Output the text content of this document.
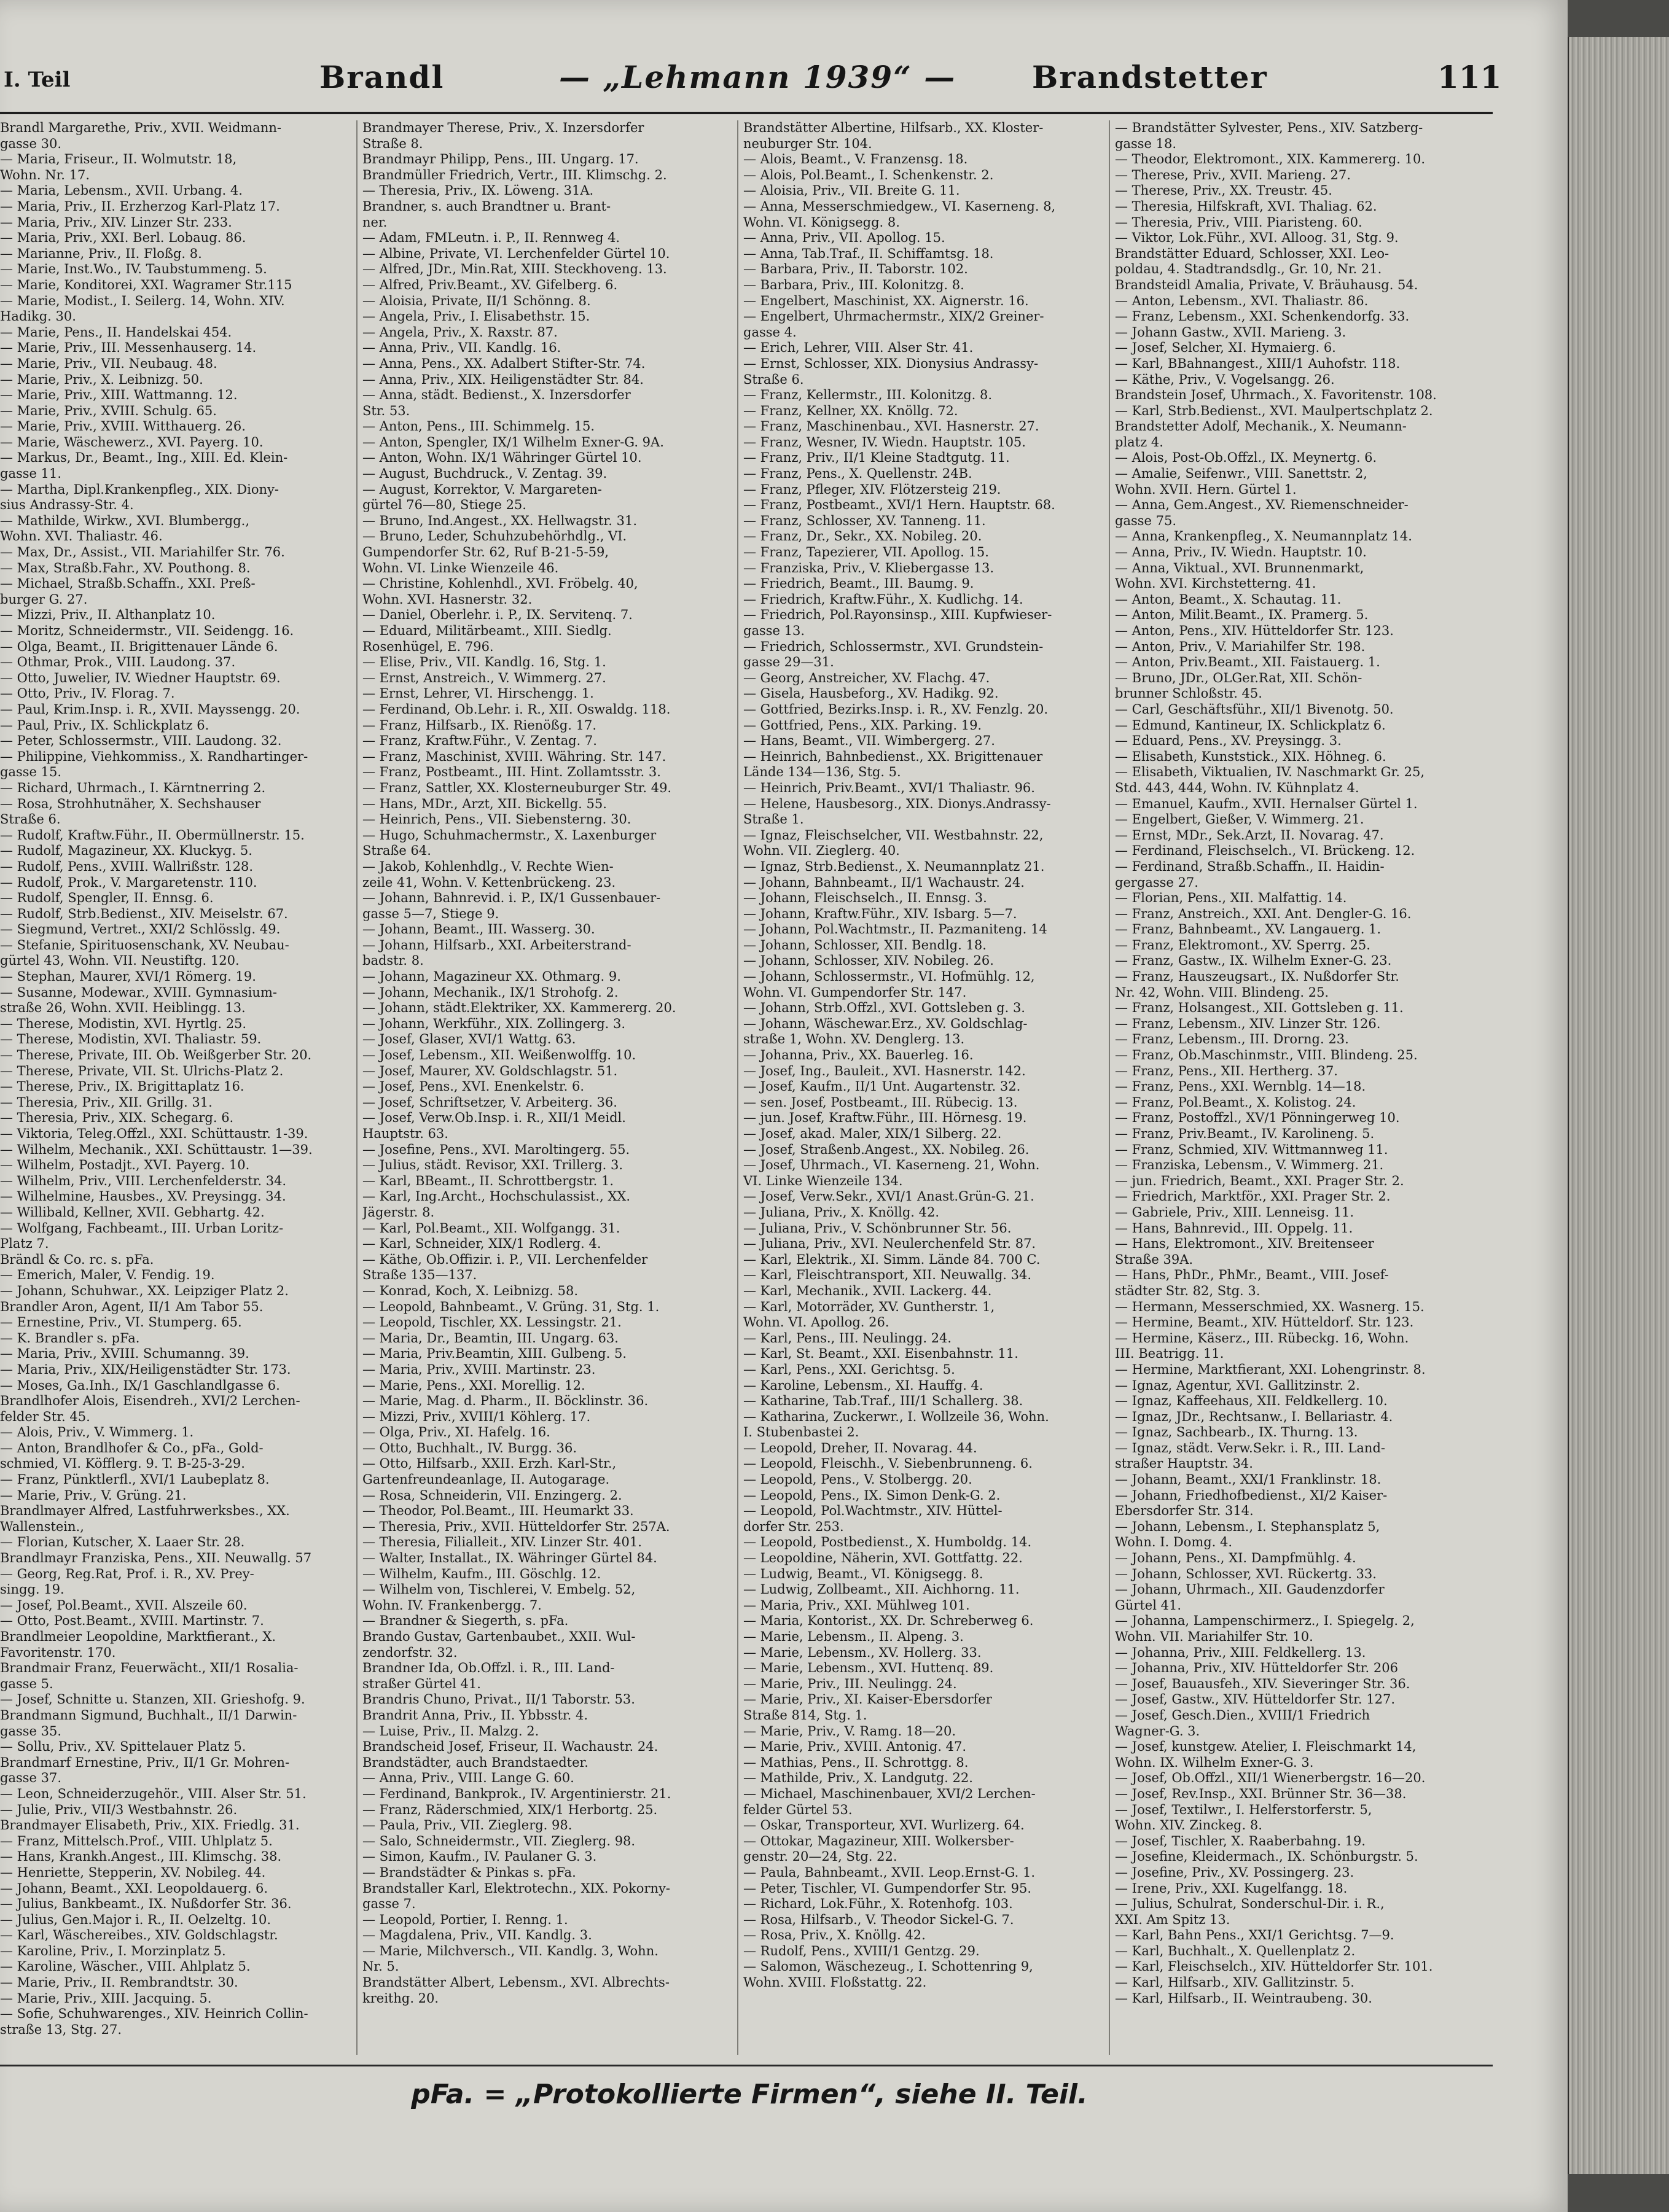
I. Teil	Brandl	— „Lehmann 1939“ — Brandstetter	111
Brandl Margarethe, Priv., XVII. Weidmann-
gasse 30.
— Maria, Friseur., II. Wolmutstr. 18,
Wohn. Nr. 17.
— Maria, Lebensm., XVII. Urbang. 4.
— Maria, Priv., II. Erzherzog Karl-Platz 17.
— Maria, Priv., XIV. Linzer Str. 233.
— Maria, Priv., XXI. Berl. Lobaug. 86.
— Marianne, Priv., II. Floßg. 8.
— Marie, Inst.Wo., IV. Taubstummeng. 5.
— Marie, Konditorei, XXI. Wagramer Str.115
— Marie, Modist., I. Seilerg. 14, Wohn. XIV.
Hadikg. 30.
— Marie, Pens., II. Handelskai 454.
— Marie, Priv., III. Messenhauserg. 14.
— Marie, Priv., VII. Neubaug. 48.
— Marie, Priv., X. Leibnizg. 50.
— Marie, Priv., XIII. Wattmanng. 12.
— Marie, Priv., XVIII. Schulg. 65.
— Marie, Priv., XVIII. Witthauerg. 26.
— Marie, Wäschewerz., XVI. Payerg. 10.
— Markus, Dr., Beamt., Ing., XIII. Ed. Klein-
gasse 11.
— Martha, Dipl.Krankenpfleg., XIX. Diony-
sius Andrassy-Str. 4.
— Mathilde, Wirkw., XVI. Blumbergg.,
Wohn. XVI. Thaliastr. 46.
— Max, Dr., Assist., VII. Mariahilfer Str. 76.
— Max, Straßb.Fahr., XV. Pouthong. 8.
— Michael, Straßb.Schaffn., XXI. Preß-
burger G. 27.
— Mizzi, Priv., II. Althanplatz 10.
— Moritz, Schneidermstr., VII. Seidengg. 16.
— Olga, Beamt., II. Brigittenauer Lände 6.
— Othmar, Prok., VIII. Laudong. 37.
— Otto, Juwelier, IV. Wiedner Hauptstr. 69.
— Otto, Priv., IV. Florag. 7.
— Paul, Krim.Insp. i. R., XVII. Mayssengg. 20.
— Paul, Priv., IX. Schlickplatz 6.
— Peter, Schlossermstr., VIII. Laudong. 32.
— Philippine, Viehkommiss., X. Randhartinger-
gasse 15.
— Richard, Uhrmach., I. Kärntnerring 2.
— Rosa, Strohhutnäher, X. Sechshauser
Straße 6.
— Rudolf, Kraftw.Führ., II. Obermüllnerstr. 15.
— Rudolf, Magazineur, XX. Kluckyg. 5.
— Rudolf, Pens., XVIII. Wallrißstr. 128.
— Rudolf, Prok., V. Margaretenstr. 110.
— Rudolf, Spengler, II. Ennsg. 6.
— Rudolf, Strb.Bedienst., XIV. Meiselstr. 67.
— Siegmund, Vertret., XXI/2 Schlösslg. 49.
— Stefanie, Spirituosenschank, XV. Neubau-
gürtel 43, Wohn. VII. Neustiftg. 120.
— Stephan, Maurer, XVI/1 Römerg. 19.
— Susanne, Modewar., XVIII. Gymnasium-
straße 26, Wohn. XVII. Heiblingg. 13.
— Therese, Modistin, XVI. Hyrtlg. 25.
— Therese, Modistin, XVI. Thaliastr. 59.
— Therese, Private, III. Ob. Weißgerber Str. 20.
— Therese, Private, VII. St. Ulrichs-Platz 2.
— Therese, Priv., IX. Brigittaplatz 16.
— Theresia, Priv., XII. Grillg. 31.
— Theresia, Priv., XIX. Schegarg. 6.
— Viktoria, Teleg.Offzl., XXI. Schüttaustr. 1-39.
— Wilhelm, Mechanik., XXI. Schüttaustr. 1—39.
— Wilhelm, Postadjt., XVI. Payerg. 10.
— Wilhelm, Priv., VIII. Lerchenfelderstr. 34.
— Wilhelmine, Hausbes., XV. Preysingg. 34.
— Willibald, Kellner, XVII. Gebhartg. 42.
— Wolfgang, Fachbeamt., III. Urban Loritz-
Platz 7.
Brändl & Co. rc. s. pFa.
— Emerich, Maler, V. Fendig. 19.
— Johann, Schuhwar., XX. Leipziger Platz 2.
Brandler Aron, Agent, II/1 Am Tabor 55.
— Ernestine, Priv., VI. Stumperg. 65.
— K. Brandler s. pFa.
— Maria, Priv., XVIII. Schumanng. 39.
— Maria, Priv., XIX/Heiligenstädter Str. 173.
— Moses, Ga.Inh., IX/1 Gaschlandlgasse 6.
Brandlhofer Alois, Eisendreh., XVI/2 Lerchen-
felder Str. 45.
— Alois, Priv., V. Wimmerg. 1.
— Anton, Brandlhofer & Co., pFa., Gold-
schmied, VI. Köfflerg. 9. T. B-25-3-29.
— Franz, Pünktlerfl., XVI/1 Laubeplatz 8.
— Marie, Priv., V. Grüng. 21.
Brandlmayer Alfred, Lastfuhrwerksbes., XX.
Wallenstein.,
— Florian, Kutscher, X. Laaer Str. 28.
Brandlmayr Franziska, Pens., XII. Neuwallg. 57
— Georg, Reg.Rat, Prof. i. R., XV. Prey-
singg. 19.
— Josef, Pol.Beamt., XVII. Alszeile 60.
— Otto, Post.Beamt., XVIII. Martinstr. 7.
Brandlmeier Leopoldine, Marktfierant., X.
Favoritenstr. 170.
Brandmair Franz, Feuerwächt., XII/1 Rosalia-
gasse 5.
— Josef, Schnitte u. Stanzen, XII. Grieshofg. 9.
Brandmann Sigmund, Buchhalt., II/1 Darwin-
gasse 35.
— Sollu, Priv., XV. Spittelauer Platz 5.
Brandmarf Ernestine, Priv., II/1 Gr. Mohren-
gasse 37.
— Leon, Schneiderzugehör., VIII. Alser Str. 51.
— Julie, Priv., VII/3 Westbahnstr. 26.
Brandmayer Elisabeth, Priv., XIX. Friedlg. 31.
— Franz, Mittelsch.Prof., VIII. Uhlplatz 5.
— Hans, Krankh.Angest., III. Klimschg. 38.
— Henriette, Stepperin, XV. Nobileg. 44.
— Johann, Beamt., XXI. Leopoldauerg. 6.
— Julius, Bankbeamt., IX. Nußdorfer Str. 36.
— Julius, Gen.Major i. R., II. Oelzeltg. 10.
— Karl, Wäschereibes., XIV. Goldschlagstr.
— Karoline, Priv., I. Morzinplatz 5.
— Karoline, Wäscher., VIII. Ahlplatz 5.
— Marie, Priv., II. Rembrandtstr. 30.
— Marie, Priv., XIII. Jacquing. 5.
— Sofie, Schuhwarenges., XIV. Heinrich Collin-
straße 13, Stg. 27.
Brandmayer Therese, Priv., X. Inzersdorfer
Straße 8.
Brandmayr Philipp, Pens., III. Ungarg. 17.
Brandmüller Friedrich, Vertr., III. Klimschg. 2.
— Theresia, Priv., IX. Löweng. 31A.
Brandner, s. auch Brandtner u. Brant-
ner.
— Adam, FMLeutn. i. P., II. Rennweg 4.
— Albine, Private, VI. Lerchenfelder Gürtel 10.
— Alfred, JDr., Min.Rat, XIII. Steckhoveng. 13.
— Alfred, Priv.Beamt., XV. Gifelberg. 6.
— Aloisia, Private, II/1 Schönng. 8.
— Angela, Priv., I. Elisabethstr. 15.
— Angela, Priv., X. Raxstr. 87.
— Anna, Priv., VII. Kandlg. 16.
— Anna, Pens., XX. Adalbert Stifter-Str. 74.
— Anna, Priv., XIX. Heiligenstädter Str. 84.
— Anna, städt. Bedienst., X. Inzersdorfer
Str. 53.
— Anton, Pens., III. Schimmelg. 15.
— Anton, Spengler, IX/1 Wilhelm Exner-G. 9A.
— Anton, Wohn. IX/1 Währinger Gürtel 10.
— August, Buchdruck., V. Zentag. 39.
— August, Korrektor, V. Margareten-
gürtel 76—80, Stiege 25.
— Bruno, Ind.Angest., XX. Hellwagstr. 31.
— Bruno, Leder, Schuhzubehörhdlg., VI.
Gumpendorfer Str. 62, Ruf B-21-5-59,
Wohn. VI. Linke Wienzeile 46.
— Christine, Kohlenhdl., XVI. Fröbelg. 40,
Wohn. XVI. Hasnerstr. 32.
— Daniel, Oberlehr. i. P., IX. Servitenq. 7.
— Eduard, Militärbeamt., XIII. Siedlg.
Rosenhügel, E. 796.
— Elise, Priv., VII. Kandlg. 16, Stg. 1.
— Ernst, Anstreich., V. Wimmerg. 27.
— Ernst, Lehrer, VI. Hirschengg. 1.
— Ferdinand, Ob.Lehr. i. R., XII. Oswaldg. 118.
— Franz, Hilfsarb., IX. Rienößg. 17.
— Franz, Kraftw.Führ., V. Zentag. 7.
— Franz, Maschinist, XVIII. Währing. Str. 147.
— Franz, Postbeamt., III. Hint. Zollamtsstr. 3.
— Franz, Sattler, XX. Klosterneuburger Str. 49.
— Hans, MDr., Arzt, XII. Bickellg. 55.
— Heinrich, Pens., VII. Siebensterng. 30.
— Hugo, Schuhmachermstr., X. Laxenburger
Straße 64.
— Jakob, Kohlenhdlg., V. Rechte Wien-
zeile 41, Wohn. V. Kettenbrückeng. 23.
— Johann, Bahnrevid. i. P., IX/1 Gussenbauer-
gasse 5—7, Stiege 9.
— Johann, Beamt., III. Wasserg. 30.
— Johann, Hilfsarb., XXI. Arbeiterstrand-
badstr. 8.
— Johann, Magazineur XX. Othmarg. 9.
— Johann, Mechanik., IX/1 Strohofg. 2.
— Johann, städt.Elektriker, XX. Kammererg. 20.
— Johann, Werkführ., XIX. Zollingerg. 3.
— Josef, Glaser, XVI/1 Wattg. 63.
— Josef, Lebensm., XII. Weißenwolffg. 10.
— Josef, Maurer, XV. Goldschlagstr. 51.
— Josef, Pens., XVI. Enenkelstr. 6.
— Josef, Schriftsetzer, V. Arbeiterg. 36.
— Josef, Verw.Ob.Insp. i. R., XII/1 Meidl.
Hauptstr. 63.
— Josefine, Pens., XVI. Maroltingerg. 55.
— Julius, städt. Revisor, XXI. Trillerg. 3.
— Karl, BBeamt., II. Schrottbergstr. 1.
— Karl, Ing.Archt., Hochschulassist., XX.
Jägerstr. 8.
— Karl, Pol.Beamt., XII. Wolfgangg. 31.
— Karl, Schneider, XIX/1 Rodlerg. 4.
— Käthe, Ob.Offizir. i. P., VII. Lerchenfelder
Straße 135—137.
— Konrad, Koch, X. Leibnizg. 58.
— Leopold, Bahnbeamt., V. Grüng. 31, Stg. 1.
— Leopold, Tischler, XX. Lessingstr. 21.
— Maria, Dr., Beamtin, III. Ungarg. 63.
— Maria, Priv.Beamtin, XIII. Gulbeng. 5.
— Maria, Priv., XVIII. Martinstr. 23.
— Marie, Pens., XXI. Morellig. 12.
— Marie, Mag. d. Pharm., II. Böcklinstr. 36.
— Mizzi, Priv., XVIII/1 Köhlerg. 17.
— Olga, Priv., XI. Hafelg. 16.
— Otto, Buchhalt., IV. Burgg. 36.
— Otto, Hilfsarb., XXII. Erzh. Karl-Str.,
Gartenfreundeanlage, II. Autogarage.
— Rosa, Schneiderin, VII. Enzingerg. 2.
— Theodor, Pol.Beamt., III. Heumarkt 33.
— Theresia, Priv., XVII. Hütteldorfer Str. 257A.
— Theresia, Filialleit., XIV. Linzer Str. 401.
— Walter, Installat., IX. Währinger Gürtel 84.
— Wilhelm, Kaufm., III. Göschlg. 12.
— Wilhelm von, Tischlerei, V. Embelg. 52,
Wohn. IV. Frankenbergg. 7.
— Brandner & Siegerth, s. pFa.
Brando Gustav, Gartenbaubet., XXII. Wul-
zendorfstr. 32.
Brandner Ida, Ob.Offzl. i. R., III. Land-
straßer Gürtel 41.
Brandris Chuno, Privat., II/1 Taborstr. 53.
Brandrit Anna, Priv., II. Ybbsstr. 4.
— Luise, Priv., II. Malzg. 2.
Brandscheid Josef, Friseur, II. Wachaustr. 24.
Brandstädter, auch Brandstaedter.
— Anna, Priv., VIII. Lange G. 60.
— Ferdinand, Bankprok., IV. Argentinierstr. 21.
— Franz, Räderschmied, XIX/1 Herbortg. 25.
— Paula, Priv., VII. Zieglerg. 98.
— Salo, Schneidermstr., VII. Zieglerg. 98.
— Simon, Kaufm., IV. Paulaner G. 3.
— Brandstädter & Pinkas s. pFa.
Brandstaller Karl, Elektrotechn., XIX. Pokorny-
gasse 7.
— Leopold, Portier, I. Renng. 1.
— Magdalena, Priv., VII. Kandlg. 3.
— Marie, Milchversch., VII. Kandlg. 3, Wohn.
Nr. 5.
Brandstätter Albert, Lebensm., XVI. Albrechts-
kreithg. 20.
Brandstätter Albertine, Hilfsarb., XX. Kloster-
neuburger Str. 104.
— Alois, Beamt., V. Franzensg. 18.
— Alois, Pol.Beamt., I. Schenkenstr. 2.
— Aloisia, Priv., VII. Breite G. 11.
— Anna, Messerschmiedgew., VI. Kaserneng. 8,
Wohn. VI. Königsegg. 8.
— Anna, Priv., VII. Apollog. 15.
— Anna, Tab.Traf., II. Schiffamtsg. 18.
— Barbara, Priv., II. Taborstr. 102.
— Barbara, Priv., III. Kolonitzg. 8.
— Engelbert, Maschinist, XX. Aignerstr. 16.
— Engelbert, Uhrmachermstr., XIX/2 Greiner-
gasse 4.
— Erich, Lehrer, VIII. Alser Str. 41.
— Ernst, Schlosser, XIX. Dionysius Andrassy-
Straße 6.
— Franz, Kellermstr., III. Kolonitzg. 8.
— Franz, Kellner, XX. Knöllg. 72.
— Franz, Maschinenbau., XVI. Hasnerstr. 27.
— Franz, Wesner, IV. Wiedn. Hauptstr. 105.
— Franz, Priv., II/1 Kleine Stadtgutg. 11.
— Franz, Pens., X. Quellenstr. 24B.
— Franz, Pfleger, XIV. Flötzersteig 219.
— Franz, Postbeamt., XVI/1 Hern. Hauptstr. 68.
— Franz, Schlosser, XV. Tanneng. 11.
— Franz, Dr., Sekr., XX. Nobileg. 20.
— Franz, Tapezierer, VII. Apollog. 15.
— Franziska, Priv., V. Kliebergasse 13.
— Friedrich, Beamt., III. Baumg. 9.
— Friedrich, Kraftw.Führ., X. Kudlichg. 14.
— Friedrich, Pol.Rayonsinsp., XIII. Kupfwieser-
gasse 13.
— Friedrich, Schlossermstr., XVI. Grundstein-
gasse 29—31.
— Georg, Anstreicher, XV. Flachg. 47.
— Gisela, Hausbeforg., XV. Hadikg. 92.
— Gottfried, Bezirks.Insp. i. R., XV. Fenzlg. 20.
— Gottfried, Pens., XIX. Parking. 19.
— Hans, Beamt., VII. Wimbergerg. 27.
— Heinrich, Bahnbedienst., XX. Brigittenauer
Lände 134—136, Stg. 5.
— Heinrich, Priv.Beamt., XVI/1 Thaliastr. 96.
— Helene, Hausbesorg., XIX. Dionys.Andrassy-
Straße 1.
— Ignaz, Fleischselcher, VII. Westbahnstr. 22,
Wohn. VII. Zieglerg. 40.
— Ignaz, Strb.Bedienst., X. Neumannplatz 21.
— Johann, Bahnbeamt., II/1 Wachaustr. 24.
— Johann, Fleischselch., II. Ennsg. 3.
— Johann, Kraftw.Führ., XIV. Isbarg. 5—7.
— Johann, Pol.Wachtmstr., II. Pazmaniteng. 14
— Johann, Schlosser, XII. Bendlg. 18.
— Johann, Schlosser, XIV. Nobileg. 26.
— Johann, Schlossermstr., VI. Hofmühlg. 12,
Wohn. VI. Gumpendorfer Str. 147.
— Johann, Strb.Offzl., XVI. Gottsleben g. 3.
— Johann, Wäschewar.Erz., XV. Goldschlag-
straße 1, Wohn. XV. Denglerg. 13.
— Johanna, Priv., XX. Bauerleg. 16.
— Josef, Ing., Bauleit., XVI. Hasnerstr. 142.
— Josef, Kaufm., II/1 Unt. Augartenstr. 32.
— sen. Josef, Postbeamt., III. Rübecig. 13.
— jun. Josef, Kraftw.Führ., III. Hörnesg. 19.
— Josef, akad. Maler, XIX/1 Silberg. 22.
— Josef, Straßenb.Angest., XX. Nobileg. 26.
— Josef, Uhrmach., VI. Kaserneng. 21, Wohn.
VI. Linke Wienzeile 134.
— Josef, Verw.Sekr., XVI/1 Anast.Grün-G. 21.
— Juliana, Priv., X. Knöllg. 42.
— Juliana, Priv., V. Schönbrunner Str. 56.
— Juliana, Priv., XVI. Neulerchenfeld Str. 87.
— Karl, Elektrik., XI. Simm. Lände 84. 700 C.
— Karl, Fleischtransport, XII. Neuwallg. 34.
— Karl, Mechanik., XVII. Lackerg. 44.
— Karl, Motorräder, XV. Guntherstr. 1,
Wohn. VI. Apollog. 26.
— Karl, Pens., III. Neulingg. 24.
— Karl, St. Beamt., XXI. Eisenbahnstr. 11.
— Karl, Pens., XXI. Gerichtsg. 5.
— Karoline, Lebensm., XI. Hauffg. 4.
— Katharine, Tab.Traf., III/1 Schallerg. 38.
— Katharina, Zuckerwr., I. Wollzeile 36, Wohn.
I. Stubenbastei 2.
— Leopold, Dreher, II. Novarag. 44.
— Leopold, Fleischh., V. Siebenbrunneng. 6.
— Leopold, Pens., V. Stolbergg. 20.
— Leopold, Pens., IX. Simon Denk-G. 2.
— Leopold, Pol.Wachtmstr., XIV. Hüttel-
dorfer Str. 253.
— Leopold, Postbedienst., X. Humboldg. 14.
— Leopoldine, Näherin, XVI. Gottfattg. 22.
— Ludwig, Beamt., VI. Königsegg. 8.
— Ludwig, Zollbeamt., XII. Aichhorng. 11.
— Maria, Priv., XXI. Mühlweg 101.
— Maria, Kontorist., XX. Dr. Schreberweg 6.
— Marie, Lebensm., II. Alpeng. 3.
— Marie, Lebensm., XV. Hollerg. 33.
— Marie, Lebensm., XVI. Huttenq. 89.
— Marie, Priv., III. Neulingg. 24.
— Marie, Priv., XI. Kaiser-Ebersdorfer
Straße 814, Stg. 1.
— Marie, Priv., V. Ramg. 18—20.
— Marie, Priv., XVIII. Antonig. 47.
— Mathias, Pens., II. Schrottgg. 8.
— Mathilde, Priv., X. Landgutg. 22.
— Michael, Maschinenbauer, XVI/2 Lerchen-
felder Gürtel 53.
— Oskar, Transporteur, XVI. Wurlizerg. 64.
— Ottokar, Magazineur, XIII. Wolkersber-
genstr. 20—24, Stg. 22.
— Paula, Bahnbeamt., XVII. Leop.Ernst-G. 1.
— Peter, Tischler, VI. Gumpendorfer Str. 95.
— Richard, Lok.Führ., X. Rotenhofg. 103.
— Rosa, Hilfsarb., V. Theodor Sickel-G. 7.
— Rosa, Priv., X. Knöllg. 42.
— Rudolf, Pens., XVIII/1 Gentzg. 29.
— Salomon, Wäschezeug., I. Schottenring 9,
Wohn. XVIII. Floßstattg. 22.
— Brandstätter Sylvester, Pens., XIV. Satzberg-
gasse 18.
— Theodor, Elektromont., XIX. Kammererg. 10.
— Therese, Priv., XVII. Marieng. 27.
— Therese, Priv., XX. Treustr. 45.
— Theresia, Hilfskraft, XVI. Thaliag. 62.
— Theresia, Priv., VIII. Piaristeng. 60.
— Viktor, Lok.Führ., XVI. Alloog. 31, Stg. 9.
Brandstätter Eduard, Schlosser, XXI. Leo-
poldau, 4. Stadtrandsdlg., Gr. 10, Nr. 21.
Brandsteidl Amalia, Private, V. Bräuhausg. 54.
— Anton, Lebensm., XVI. Thaliastr. 86.
— Franz, Lebensm., XXI. Schenkendorfg. 33.
— Johann Gastw., XVII. Marieng. 3.
— Josef, Selcher, XI. Hymaierg. 6.
— Karl, BBahnangest., XIII/1 Auhofstr. 118.
— Käthe, Priv., V. Vogelsangg. 26.
Brandstein Josef, Uhrmach., X. Favoritenstr. 108.
— Karl, Strb.Bedienst., XVI. Maulpertschplatz 2.
Brandstetter Adolf, Mechanik., X. Neumann-
platz 4.
— Alois, Post-Ob.Offzl., IX. Meynertg. 6.
— Amalie, Seifenwr., VIII. Sanettstr. 2,
Wohn. XVII. Hern. Gürtel 1.
— Anna, Gem.Angest., XV. Riemenschneider-
gasse 75.
— Anna, Krankenpfleg., X. Neumannplatz 14.
— Anna, Priv., IV. Wiedn. Hauptstr. 10.
— Anna, Viktual., XVI. Brunnenmarkt,
Wohn. XVI. Kirchstetterng. 41.
— Anton, Beamt., X. Schautag. 11.
— Anton, Milit.Beamt., IX. Pramerg. 5.
— Anton, Pens., XIV. Hütteldorfer Str. 123.
— Anton, Priv., V. Mariahilfer Str. 198.
— Anton, Priv.Beamt., XII. Faistauerg. 1.
— Bruno, JDr., OLGer.Rat, XII. Schön-
brunner Schloßstr. 45.
— Carl, Geschäftsführ., XII/1 Bivenotg. 50.
— Edmund, Kantineur, IX. Schlickplatz 6.
— Eduard, Pens., XV. Preysingg. 3.
— Elisabeth, Kunststick., XIX. Höhneg. 6.
— Elisabeth, Viktualien, IV. Naschmarkt Gr. 25,
Std. 443, 444, Wohn. IV. Kühnplatz 4.
— Emanuel, Kaufm., XVII. Hernalser Gürtel 1.
— Engelbert, Gießer, V. Wimmerg. 21.
— Ernst, MDr., Sek.Arzt, II. Novarag. 47.
— Ferdinand, Fleischselch., VI. Brückeng. 12.
— Ferdinand, Straßb.Schaffn., II. Haidin-
gergasse 27.
— Florian, Pens., XII. Malfattig. 14.
— Franz, Anstreich., XXI. Ant. Dengler-G. 16.
— Franz, Bahnbeamt., XV. Langauerg. 1.
— Franz, Elektromont., XV. Sperrg. 25.
— Franz, Gastw., IX. Wilhelm Exner-G. 23.
— Franz, Hauszeugsart., IX. Nußdorfer Str.
Nr. 42, Wohn. VIII. Blindeng. 25.
— Franz, Holsangest., XII. Gottsleben g. 11.
— Franz, Lebensm., XIV. Linzer Str. 126.
— Franz, Lebensm., III. Drorng. 23.
— Franz, Ob.Maschinmstr., VIII. Blindeng. 25.
— Franz, Pens., XII. Hertherg. 37.
— Franz, Pens., XXI. Wernblg. 14—18.
— Franz, Pol.Beamt., X. Kolistog. 24.
— Franz, Postoffzl., XV/1 Pönningerweg 10.
— Franz, Priv.Beamt., IV. Karolineng. 5.
— Franz, Schmied, XIV. Wittmannweg 11.
— Franziska, Lebensm., V. Wimmerg. 21.
— jun. Friedrich, Beamt., XXI. Prager Str. 2.
— Friedrich, Marktför., XXI. Prager Str. 2.
— Gabriele, Priv., XIII. Lenneisg. 11.
— Hans, Bahnrevid., III. Oppelg. 11.
— Hans, Elektromont., XIV. Breitenseer
Straße 39A.
— Hans, PhDr., PhMr., Beamt., VIII. Josef-
städter Str. 82, Stg. 3.
— Hermann, Messerschmied, XX. Wasnerg. 15.
— Hermine, Beamt., XIV. Hütteldorf. Str. 123.
— Hermine, Käserz., III. Rübeckg. 16, Wohn.
III. Beatrigg. 11.
— Hermine, Marktfierant, XXI. Lohengrinstr. 8.
— Ignaz, Agentur, XVI. Gallitzinstr. 2.
— Ignaz, Kaffeehaus, XII. Feldkellerg. 10.
— Ignaz, JDr., Rechtsanw., I. Bellariastr. 4.
— Ignaz, Sachbearb., IX. Thurng. 13.
— Ignaz, städt. Verw.Sekr. i. R., III. Land-
straßer Hauptstr. 34.
— Johann, Beamt., XXI/1 Franklinstr. 18.
— Johann, Friedhofbedienst., XI/2 Kaiser-
Ebersdorfer Str. 314.
— Johann, Lebensm., I. Stephansplatz 5,
Wohn. I. Domg. 4.
— Johann, Pens., XI. Dampfmühlg. 4.
— Johann, Schlosser, XVI. Rückertg. 33.
— Johann, Uhrmach., XII. Gaudenzdorfer
Gürtel 41.
— Johanna, Lampenschirmerz., I. Spiegelg. 2,
Wohn. VII. Mariahilfer Str. 10.
— Johanna, Priv., XIII. Feldkellerg. 13.
— Johanna, Priv., XIV. Hütteldorfer Str. 206
— Josef, Bauausfeh., XIV. Sieveringer Str. 36.
— Josef, Gastw., XIV. Hütteldorfer Str. 127.
— Josef, Gesch.Dien., XVIII/1 Friedrich
Wagner-G. 3.
— Josef, kunstgew. Atelier, I. Fleischmarkt 14,
Wohn. IX. Wilhelm Exner-G. 3.
— Josef, Ob.Offzl., XII/1 Wienerbergstr. 16—20.
— Josef, Rev.Insp., XXI. Brünner Str. 36—38.
— Josef, Textilwr., I. Helferstorferstr. 5,
Wohn. XIV. Zinckeg. 8.
— Josef, Tischler, X. Raaberbahng. 19.
— Josefine, Kleidermach., IX. Schönburgstr. 5.
— Josefine, Priv., XV. Possingerg. 23.
— Irene, Priv., XXI. Kugelfangg. 18.
— Julius, Schulrat, Sonderschul-Dir. i. R.,
XXI. Am Spitz 13.
— Karl, Bahn Pens., XXI/1 Gerichtsg. 7—9.
— Karl, Buchhalt., X. Quellenplatz 2.
— Karl, Fleischselch., XIV. Hütteldorfer Str. 101.
— Karl, Hilfsarb., XIV. Gallitzinstr. 5.
— Karl, Hilfsarb., II. Weintraubeng. 30.
pFa. = „Protokollierte Firmen“, siehe II. Teil.
